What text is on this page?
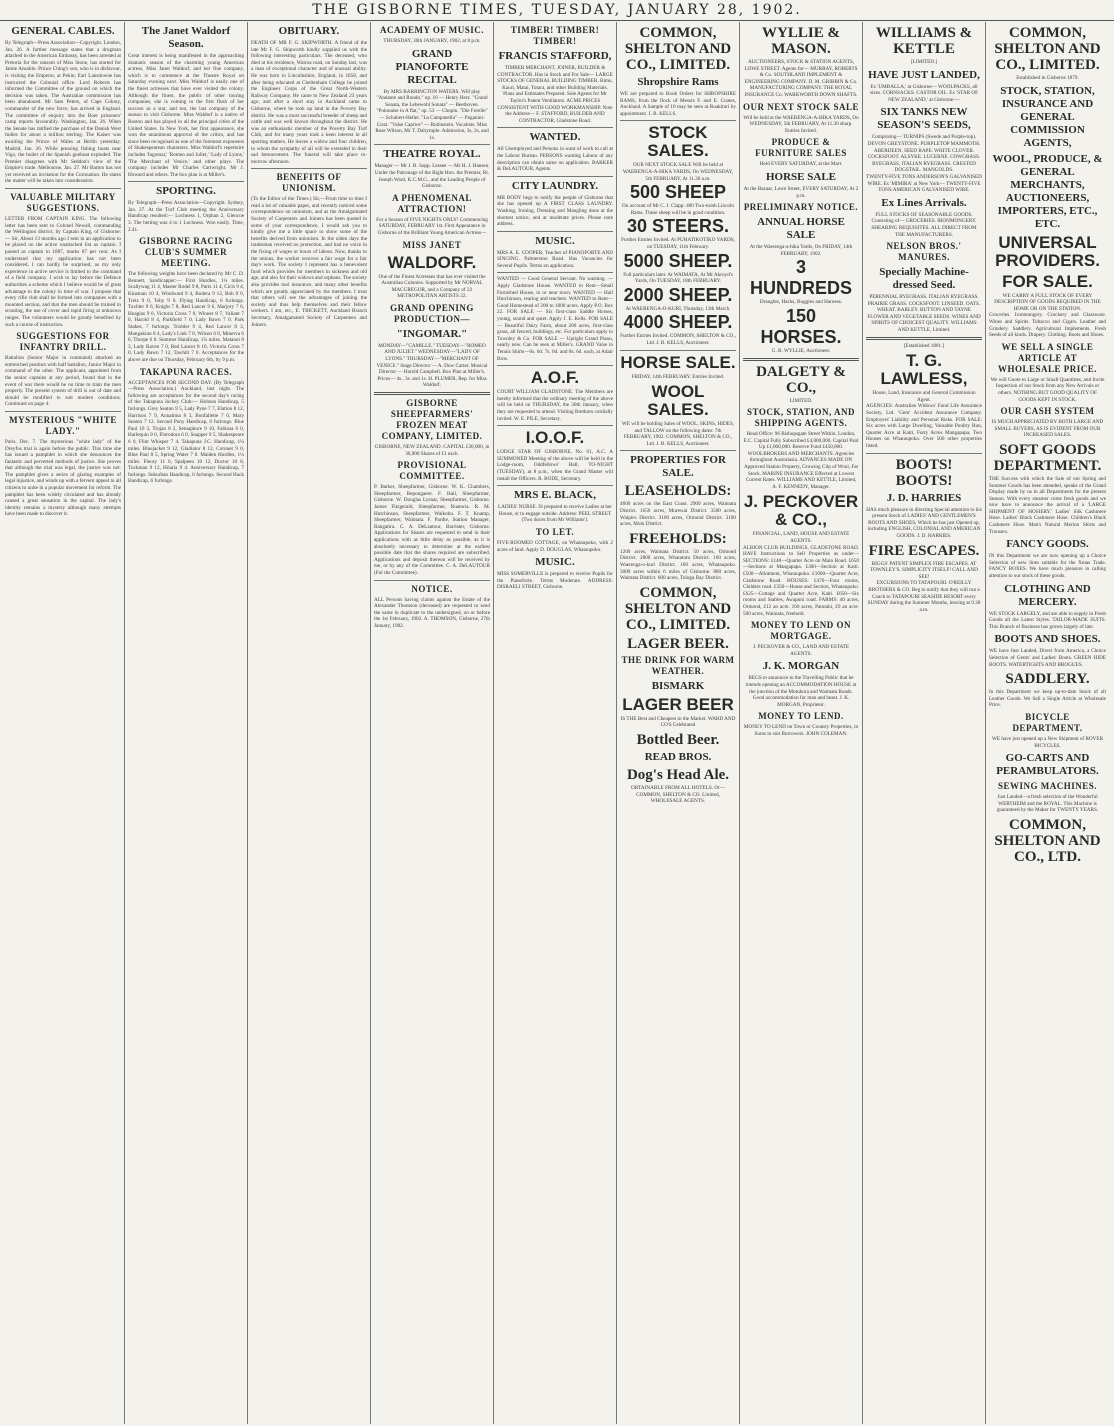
THE GISBORNE TIMES, TUESDAY, JANUARY 28, 1902.
GENERAL CABLES.
By Telegraph—Press Association—Copyright. London, Jan. 26. A further message states that a drugman attached to the American Embassy, has been arrested at Pretoria for the ransom of Miss Stone, has started for Jamie Ansaldo. Prince Ching's son, who is in disfavour, is visiting the Emperor, at Pekin; Earl Lansdowne has instructed the Colonial office. Lord Roberts has informed the Committee of the ground on which the decision was taken. The Australian commission has been abandoned. Mr Sam Peters, of Cape Colony, commander of the new force, has arrived in England. The committee of enquiry into the Boer prisoners' camp reports favourably. Washington, Jan. 26. When the Senate has ratified the purchase of the Danish West Indies for about a million sterling. The Kaiser was awaiting the Prince of Wales at Berlin yesterday. Madrid, Jan. 26. While pressing fishing boats near Vigo, the boiler of the Spanish gunboat exploded. The Premier disagrees with Mr Seddon's view of the Empire's trade. Melbourne, Jan. 27. Mr Barton has not yet received an invitation for the Coronation. He states the matter will be taken into consideration.
VALUABLE MILITARY SUGGESTIONS.
LETTER FROM CAPTAIN KING. The following letter has been sent to Colonel Newall, commanding the Wellington district, by Captain King, of Gisborne:— Sir, About 13 months ago I sent in an application to be placed on the active unattached list as captain. I passed as captain in 1887, marks 87 per cent. As I understand that my application has not been considered, I can hardly be surprised, as my only experience in active service is limited to the command of a field company. I wish to lay before the Defence authorities a scheme which I believe would be of great advantage to the colony in time of war. I propose that every rifle club shall be formed into companies with a mounted section, and that the men should be trained in scouting, the use of cover and rapid firing at unknown ranges. The volunteers would be greatly benefited by such a course of instruction.
SUGGESTIONS FOR INFANTRY DRILL.
Battalion (Senior Major in command) attacked an entrenched position with half battalion, Junior Major in command of the other. The applicant, appointed from the senior captains at any period, found that in the event of war there would be no time to train the men properly. The present system of drill is out of date and should be modified to suit modern conditions. Continued on page 4.
MYSTERIOUS "WHITE LADY."
Paris, Dec. 7. The mysterious "white lady" of the Dreyfus trial is again before the public. This time she has issued a pamphlet in which she denounces the fantastic and perverted methods of justice. She proves that although the trial was legal, the justice was not. The pamphlet gives a series of glaring examples of legal injustice, and winds up with a fervent appeal to all citizens to unite in a popular movement for reform. The pamphlet has been widely circulated and has already caused a great sensation in the capital. The lady's identity remains a mystery although many attempts have been made to discover it.
The Janet Waldorf Season.
Great interest is being manifested in the approaching dramatic season of the charming young American actress, Miss Janet Waldorf, and her fine company, which is to commence at the Theatre Royal on Saturday evening next. Miss Waldorf is easily one of the finest actresses that have ever visited the colony. Although the finest, the public of other touring companies, she is coming to the first flush of her success as a star, and too, the last company of the season to visit Gisborne. Miss Waldorf is a native of Boston and has played in all the principal cities of the United States. In New York, her first appearance, she won the unanimous approval of the critics, and has since been recognised as one of the foremost exponents of Shakespearean characters. Miss Waldorf's repertoire includes 'Ingomar,' 'Romeo and Juliet,' 'Lady of Lyons,' 'The Merchant of Venice,' and other plays. The company includes Mr Charles Cartwright, Mr J. Howard and others. The box plan is at Miller's.
SPORTING.
By Telegraph—Press Association—Copyright. Sydney, Jan. 27. At the Turf Club meeting the Anniversary Handicap resulted:— Lochness 1, Orphan 2, Glencoe 3. The betting was 4 to 1 Lochness. Won easily. Time, 2.41.
GISBORNE RACING CLUB'S SUMMER MEETING.
The following weights have been declared by Mr C. D. Bennett, handicapper:— First Hurdles, 1¼ miles. Scallywag 11 4, Master Rodel 9 8, Paris 11 4, Cicis 9 4, Kinsman 10 4, Windward 9 4, Bodera 9 12, Bob 9 0, Treiz 9 0, Toby 9 0. Flying Handicap, 6 furlongs. Toxbler 9 6, Knight 7 8, Red Lancer 9 6, Marjory 7 6, Hoaglas 9 0, Victoria Cross 7 0, Winner 8 7, Valiant 7 0, Harold 8 4, Parkfield 7 0, Lady Bawn 7 0. Park Stakes, 7 furlongs. Toxbler 9 4, Red Lancer 8 3, Mangakino 8 4, Lady's Link 7 0, Wilson 6 0, Minerva 6 0, Thorpe 6 0. Summer Handicap, 1¼ miles. Matanui 8 3, Lady Raven 7 0, Red Lancer 8 10, Victoria Cross 7 0, Lady Bawn 7 12, Tawhiti 7 0. Acceptances for the above are due on Thursday, February 6th, by 9 p.m.
TAKAPUNA RACES.
ACCEPTANCES FOR SECOND DAY. (By Telegraph—Press Association.) Auckland, last night. The following are acceptances for the second day's racing of the Takapuna Jockey Club:— Hobson Handicap, 5 furlongs. Grey Seaton 9 5, Lady Pyne 7 7, Elation 8 12, Harrison 7 9, Annatima 8 3, Bonfallette 7 0, Mary Seaton 7 12. Second Pony Handicap, 6 furlongs. Blue Paul 10 3, Trojan 8 2, Semaphore 9 10, Fabiosa 6 0, Harlequin 9 6, Florodora 6 0, Snapper 9 5, Shakespeare 6 0, Flint Whisper 7 4. Takapuna J.C. Handicap, 1¼ miles. Bluejacket 9 12, Gladiator 8 12, Coronet 9 0, Blue Paul 8 5, Spring Water 7 0. Maiden Hurdles, 1¼ miles. Fleury 11 0, Spalpeen 10 12, Doctor 10 8, Tuckman 9 12, Hilaria 9 4. Anniversary Handicap, 7 furlongs. Suburban Handicap, 6 furlongs. Second Hack Handicap, 6 furlongs.
OBITUARY.
DEATH OF MR F. G. SKIPWORTH. A friend of the late Mr F. G. Skipworth kindly supplied us with the following interesting particulars. The deceased, who died at his residence, Wairoa road, on Sunday last, was a man of exceptional character and of unusual ability. He was born in Lincolnshire, England, in 1858, and after being educated at Cheltenham College he joined the Engineer Corps of the Great North-Western Railway Company. He came to New Zealand 23 years ago, and after a short stay in Auckland came to Gisborne, where he took up land in the Poverty Bay district. He was a most successful breeder of sheep and cattle and was well known throughout the district. He was an enthusiastic member of the Poverty Bay Turf Club, and for many years took a keen interest in all sporting matters. He leaves a widow and four children, to whom the sympathy of all will be extended in their sad bereavement. The funeral will take place to-morrow afternoon.
BENEFITS OF UNIONISM.
(To the Editor of the Times.) Sir,—From time to time I read a lot of valuable paper, and recently noticed some correspondence on unionism, and as the Amalgamated Society of Carpenters and Joiners has been quoted in some of your correspondence, I would ask you to kindly give me a little space to show some of the benefits derived from unionism. In the olden days the tradesman received no protection, and had no voice in the fixing of wages or hours of labour. Now, thanks to the unions, the worker receives a fair wage for a fair day's work. The society I represent has a benevolent fund which provides for members in sickness and old age, and also for their widows and orphans. The society also provides tool insurance, and many other benefits which are greatly appreciated by the members. I trust that others will see the advantages of joining the society and thus help themselves and their fellow workers. I am, etc., E. TRICKETT, Auckland Branch Secretary, Amalgamated Society of Carpenters and Joiners.
ACADEMY OF MUSIC.
THURSDAY, 30th JANUARY, 1902, at 8 p.m.
GRAND PIANOFORTE RECITAL
By MRS BARRINGTON WATERS. Will play "Andante and Rondo," op. 16 — Henry Herz. "Grand Sonata, the Lebewohl Sonata" — Beethoven. "Polonaise in A flat," op. 53 — Chopin. "Die Forelle" — Schubert-Heller. "La Campanella" — Paganini-Liszt. "Valse Caprice" — Rubinstein. Vocalists: Miss Rose Wilson, Mr T. Dalrymple. Admission, 3s, 2s, and 1s.
THEATRE ROYAL.
Manager — Mr J. B. Sopp. Lessee — Mr H. J. Hansen. Under the Patronage of the Right Hon. the Premier, Rt. Joseph Ward, K.C.M.G., and the Leading People of Gisborne.
A PHENOMENAL ATTRACTION!
For a Season of FIVE NIGHTS ONLY! Commencing SATURDAY, FEBRUARY 1st. First Appearance in Gisborne of the Brilliant Young American Actress—
MISS JANET
WALDORF.
One of the Finest Actresses that has ever visited the Australian Colonies. Supported by Mr NORVAL MACGREGOR, and a Company of 22 METROPOLITAN ARTISTS 22.
GRAND OPENING PRODUCTION—
"INGOMAR."
MONDAY—"CAMILLE." TUESDAY—"ROMEO AND JULIET." WEDNESDAY—"LADY OF LYONS." THURSDAY—"MERCHANT OF VENICE." Stage Director — A. Dow Carter. Musical Director — Harold Campbell. Box Plan at Miller's. Prices— 4s., 3s. and 1s. H. PLUMER, Rep. for Miss Waldorf.
GISBORNE SHEEPFARMERS' FROZEN MEAT COMPANY, LIMITED.
GISBORNE, NEW ZEALAND. CAPITAL £30,000, in 30,000 Shares of £1 each.
PROVISIONAL COMMITTEE.
P. Barker, Sheepfarmer, Gisborne. W. K. Chambers, Sheepfarmer, Repongaere. F. Hall, Sheepfarmer, Gisborne. W. Douglas Lysnar, Sheepfarmer, Gisborne. James Fitzgerald, Sheepfarmer, Ruatoria. R. M. Hutchinson, Sheepfarmer, Waikohu. F. T. Knamp, Sheepfarmer, Waimata. F. Pardie, Station Manager, Rangatira. C. A. DeLautour, Barrister, Gisborne. Applications for Shares are requested to send in their applications with as little delay as possible, as it is absolutely necessary to determine at the earliest possible date that the shares required are subscribed. Applications and deposit thereon will be received by me, or by any of the Committee. C. A. DeLAUTOUR (For the Committee).
NOTICE.
ALL Persons having claims against the Estate of the Alexander Thomson (deceased) are requested to send the same in duplicate to the undersigned, on or before the 1st February, 1902. A. THOMSON, Gisborne, 27th January, 1902.
TIMBER! TIMBER! TIMBER!
FRANCIS STAFFORD,
TIMBER MERCHANT, JOINER, BUILDER & CONTRACTOR. Has in Stock and For Sale— LARGE STOCKS OF GENERAL BUILDING TIMBER. Rimu, Kauri, Matai, Totara, and other Building Materials. Plans and Estimates Prepared. Sole Agents for Mr Taylor's Patent Ventilators. ACME PRICES CONSISTENT WITH GOOD WORKMANSHIP. Note the Address— F. STAFFORD, BUILDER AND CONTRACTOR, Gladstone Road.
WANTED.
All Unemployed and Persons in want of work to call at the Labour Bureau. PERSONS wanting Labour of any description can obtain same on application. BARKER & DeLAUTOUR, Agents.
CITY LAUNDRY.
MR BODY begs to notify the people of Gisborne that she has opened up A FIRST CLASS LAUNDRY. Washing, Ironing, Dressing and Mangling done at the shortest notice, and at moderate prices. Please note address.
MUSIC.
MRS A. E. COOPER, Teacher of PIANOFORTE AND SINGING. Palmerston Road. Has Vacancies for Several Pupils. Terms on application.
WANTED — Good General Servant. No washing. — Apply Gladstone House. WANTED to Rent—Small Furnished House, in or near town. WANTED — Hall Hutchinson, rearing and teachers. WANTED to Rent—Good Homestead of 200 to 1000 acres. Apply P.O. Box 22. FOR SALE — Six first-class Saddle Horses, young, sound and quiet. Apply J. E. Kells. FOR SALE — Beautiful Dairy Farm, about 200 acres, first-class grass, all fenced, buildings, etc. For particulars apply to Townley & Co. FOR SALE — Upright Grand Piano, nearly new. Can be seen at Miller's. GRAND Valse in Tennis Shirts—6s. 6d. 7s. 6d. and 8s. 6d. each, at Adair Bros.
A.O.F.
COURT WILLIAM GLADSTONE. The Members are hereby informed that the ordinary meeting of the above will be held on THURSDAY, the 30th January, when they are requested to attend. Visiting Brethren cordially invited. W. E. PILE, Secretary.
I.O.O.F.
LODGE STAR OF GISBORNE, No. 61, A.C. A SUMMONED Meeting of the above will be held in the Lodge-room, Oddfellows' Hall, TO-NIGHT (TUESDAY), at 8 p.m., when the Grand Master will install the Officers. R. BODE, Secretary.
MRS E. BLACK,
LADIES' NURSE. IS prepared to receive Ladies at her House, or to engage outside. Address: PEEL STREET (Two doors from Mr Williams').
TO LET.
FIVE-ROOMED COTTAGE, on Whataupoko, with 2 acres of land. Apply D. DOUGLAS, Whataupoko.
MUSIC.
MISS SOMERVILLE is prepared to receive Pupils for the Pianoforte. Terms Moderate. ADDRESS: DISRAELI STREET, Gisborne.
COMMON, SHELTON AND CO., LIMITED.
Shropshire Rams
WE are prepared to Book Orders for SHROPSHIRE RAMS, from the flock of Messrs F. and E. Coates, Auckland. A Sample of 10 may be seen at Ruakituri by appointment. J. B. KELLS.
STOCK SALES.
OUR NEXT STOCK SALE Will be held at WAERENGA-A-HIKA YARDS, On WEDNESDAY, 5th FEBRUARY, At 11.30 a.m.
500 SHEEP
On account of Mr C. J. Clapp: 400 Two-tooth Lincoln Rams. These sheep will be in good condition.
30 STEERS.
Further Entries Invited. At PUHATIKOTIKO YARDS, on TUESDAY, 11th February.
5000 SHEEP.
Full particulars later. At WAIMATA, At Mr Akroyd's Yards, On TUESDAY, 18th FEBRUARY.
2000 SHEEP.
At WAERENGA-O-KURI, Thursday, 13th March.
4000 SHEEP.
Further Entries Invited. COMMON, SHELTON & CO., Ltd. J. B. KELLS, Auctioneer.
HORSE SALE.
FRIDAY, 14th FEBRUARY. Entries Invited.
WOOL SALES.
WE will be holding Sales of WOOL, SKINS, HIDES, and TALLOW on the following dates: 7th FEBRUARY, 1902. COMMON, SHELTON & CO., Ltd. J. B. KELLS, Auctioneer.
PROPERTIES FOR SALE.
LEASEHOLDS:
4600 acres on the East Coast. 2900 acres, Waimata District. 1650 acres, Murewai District. 3500 acres, Waipiro District. 3100 acres, Ormond District. 3100 acres, Motu District.
FREEHOLDS:
1200 acres, Waimata District. 50 acres, Ormond District. 2800 acres, Whatatutu District. 160 acres, Waerenga-o-kuri District. 160 acres, Whataupoko. 3000 acres within 6 miles of Gisborne. 800 acres, Waimata District. 600 acres, Tologa Bay District.
COMMON, SHELTON AND CO., LIMITED.
LAGER BEER.
THE DRINK FOR WARM WEATHER.
BISMARK
LAGER BEER
IS THE Best and Cheapest in the Market. WARD AND CO'S Celebrated
Bottled Beer.
READ BROS.
Dog's Head Ale.
OBTAINABLE FROM ALL HOTELS. Or— COMMON, SHELTON & CO. Limited, WHOLESALE AGENTS.
WYLLIE & MASON.
AUCTIONEERS, STOCK & STATION AGENTS, LOWE STREET. Agents for— MURRAY, ROBERTS & Co. SOUTHLAND IMPLEMENT & ENGINEERING COMPANY. D. M. GRIBBIN & Co. MANUFACTURING COMPANY. THE ROYAL INSURANCE Co. WARKWORTH DOWN SHAFTS.
OUR NEXT STOCK SALE
Will be held at the WAERENGA-A-HIKA YARDS, On WEDNESDAY, 5th FEBRUARY, At 11.30 sharp. Entries Invited.
PRODUCE & FURNITURE SALES
Held EVERY SATURDAY, at the Mart.
HORSE SALE
At the Bazaar, Lowe Street, EVERY SATURDAY, At 2 p.m.
PRELIMINARY NOTICE.
ANNUAL HORSE SALE
At the Waerenga-a-hika Yards, On FRIDAY, 14th FEBRUARY, 1902.
3 HUNDREDS
Draughts, Hacks, Buggies and Harness.
150 HORSES.
G. B. WYLLIE, Auctioneer.
DALGETY & CO.,
LIMITED.
STOCK, STATION, AND SHIPPING AGENTS.
Head Office: 96 Bishopsgate Street Within, London, E.C. Capital Fully Subscribed £4,000,000. Capital Paid Up £1,000,000. Reserve Fund £450,000. WOOLBROKERS AND MERCHANTS. Agencies throughout Australasia. ADVANCES MADE ON Approved Station Property, Growing Clip of Wool, Fat Stock. MARINE INSURANCE Effected at Lowest Current Rates. WILLIAMS AND KETTLE, Limited, A. F. KENNEDY, Manager.
J. PECKOVER & CO.,
FINANCIAL, LAND, HOUSE AND ESTATE AGENTS.
ALBION CLUB BUILDINGS, GLADSTONE ROAD. HAVE Instructions to Sell Properties as under— SECTIONS: £140—Quarter Acre on Main Road. £650—Sections at Mangapapa. £300—Section at Kaiti. £500—Allotment, Whataupoko. £1000—Quarter Acre, Gladstone Road. HOUSES: £470—Four rooms, Childers road. £350—House and Section, Whataupoko. £625—Cottage and Quarter Acre, Kaiti. £650—Six rooms and Stables, Awapuni road. FARMS: 40 acres, Ormond, £12 an acre. 160 acres, Patutahi, £9 an acre. 500 acres, Waimata, freehold.
MONEY TO LEND ON MORTGAGE.
J. PECKOVER & CO., LAND AND ESTATE AGENTS.
J. K. MORGAN
BEGS to announce to the Travelling Public that he intends opening an ACCOMMODATION HOUSE at the junction of the Motuhora and Waimata Roads. Good accommodation for man and beast. J. K. MORGAN, Proprietor.
MONEY TO LEND.
MONEY TO LEND on Town or Country Properties, in Sums to suit Borrowers. JOHN COLEMAN.
WILLIAMS & KETTLE
[LIMITED.]
HAVE JUST LANDED,
Ex 'UMBALLA,' at Gisborne— WOOLPACKS, all sizes. CORNSACKS. CASTOR OIL. Ex 'STAR OF NEW ZEALAND,' at Gisborne:—
SIX TANKS NEW SEASON'S SEEDS,
Comprising— TURNIPS (Swede and Purple-top). DEVON GREYSTONE. PURPLETOP MAMMOTH. ABERDEEN. SEED RAPE. WHITE CLOVER. COCKSFOOT. ALSYKE. LUCERNE. COWGRASS. RYEGRASS, ITALIAN RYEGRASS. CRESTED DOGSTAIL. MANGOLDS.
TWENTY-FIVE TONS ANDERSON'S GALVANISED WIRE. Ex 'MIMIRA' at New York— TWENTY-FIVE TONS AMERICAN GALVANISED WIRE.
Ex Lines Arrivals.
FULL STOCKS OF SEASONABLE GOODS. Consisting of— GROCERIES. IRONMONGERY. SHEARING REQUISITES. ALL DIRECT FROM THE MANUFACTURERS.
NELSON BROS.' MANURES.
Specially Machine-dressed Seed.
PERENNIAL RYEGRASS. ITALIAN RYEGRASS. PRAIRIE GRASS. COCKSFOOT. LINSEED. OATS. WHEAT. BARLEY. BUTTON AND TAYNE FLOWER AND VEGETABLE SEEDS. WINES AND SPIRITS OF CHOICEST QUALITY. WILLIAMS AND KETTLE, Limited.
[Established 1881.]
T. G. LAWLESS,
House, Land, Insurance and General Commission Agent.
AGENCIES: Australian Widows' Fund Life Assurance Society, Ltd. 'Gem' Accident Assurance Company. Employers' Liability and Personal Risks. FOR SALE: Six acres with Large Dwelling, Valuable Poultry Run, Quarter Acre at Kaiti, Forty Acres Mangapapa, Two Houses on Whataupoko. Over 500 other properties listed.
BOOTS! BOOTS!
J. D. HARRIES
HAS much pleasure in directing Special attention to his present Stock of LADIES' AND GENTLEMEN'S BOOTS AND SHOES, Which he has just Opened up, including ENGLISH, COLONIAL AND AMERICAN GOODS. J. D. HARRIES.
FIRE ESCAPES.
BIGGS' PATENT SIMPLEX FIRE ESCAPES. AT TOWNLEY'S. SIMPLICITY ITSELF! CALL AND SEE!
EXCURSIONS TO TATAPOURI. O'REILLY BROTHERS & CO. Beg to notify that they will run a Coach to TATAPOURI SEASIDE RESORT every SUNDAY during the Summer Months, leaving at 9.30 a.m.
COMMON, SHELTON AND CO., LIMITED.
Established in Gisborne 1879.
STOCK, STATION, INSURANCE AND GENERAL COMMISSION AGENTS,
WOOL, PRODUCE, & GENERAL MERCHANTS, AUCTIONEERS, IMPORTERS, ETC., ETC.
UNIVERSAL PROVIDERS.
FOR SALE.
WE CARRY A FULL STOCK OF EVERY DESCRIPTION OF GOODS REQUIRED IN THE HOME OR ON THE STATION.
Groceries. Ironmongery. Crockery and Glassware. Wines and Spirits. Tobacco and Cigars. Leather and Grindery. Saddlery. Agricultural Implements. Fresh Seeds of all kinds. Drapery. Clothing. Boots and Shoes.
WE SELL A SINGLE ARTICLE AT WHOLESALE PRICE.
We will Guote to Large or Small Quantities, and Invite Inspection of our Stock from any New Arrivals or others. NOTHING BUT GOOD QUALITY OF GOODS KEPT IN STOCK.
OUR CASH SYSTEM
IS MUCH APPRECIATED BY BOTH LARGE AND SMALL BUYERS, AS IS EVIDENT FROM OUR INCREASED SALES.
SOFT GOODS DEPARTMENT.
THE Success with which the Sale of our Spring and Summer Goods has been attended, speaks of the Grand Display made by us in all Departments for the present Season. With every steamer come fresh goods and we now have to announce the arrival of a 'LARGE SHIPMENT OF HOSIERY.' Ladies' Silk Cashmere Hose. Ladies' Black Cashmere Hose. Children's Black Cashmere Hose. Men's Natural Merino Shirts and Trousers.
FANCY GOODS.
IN this Department we are now opening up a Choice Selection of new lines suitable for the Xmas Trade. FANCY BOXES. We have much pleasure in calling attention to our stock of these goods.
CLOTHING AND MERCERY.
WE STOCK LARGELY, and are able to supply in Fresh Goods all the Latest Styles. TAILOR-MADE SUITS. This Branch of Business has grown largely of late.
BOOTS AND SHOES.
WE have Just Landed, Direct from America, a Choice Selection of Gents' and Ladies' Boots. GREEN HIDE BOOTS. WATERTIGHTS AND BROGUES.
SADDLERY.
In this Department we keep up-to-date Stock of all Leather Goods. We Sell a Single Article at Wholesale Price.
BICYCLE DEPARTMENT.
WE have just opened up a New Shipment of ROVER BICYCLES.
GO-CARTS AND PERAMBULATORS.
SEWING MACHINES.
Just Landed—a fresh selection of the Wonderful WERTHEIM and the ROYAL. This Machine is guaranteed by the Maker for TWENTY YEARS.
COMMON, SHELTON AND CO., LTD.
